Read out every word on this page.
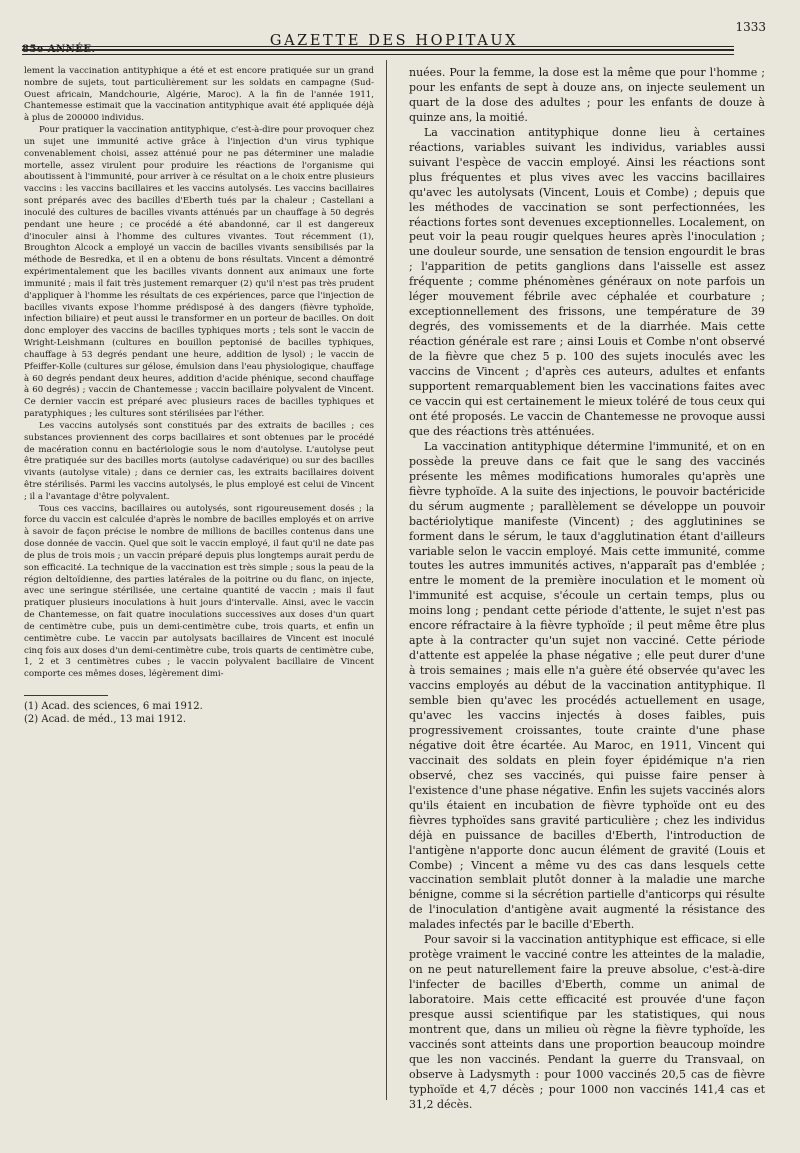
85e ANNÉE.
GAZETTE DES HOPITAUX
1333

lement la vaccination antityphique a été et est encore pratiquée sur un grand nombre de sujets, tout particulièrement sur les soldats en campagne (Sud-Ouest africain, Mandchourie, Algérie, Maroc). A la fin de l'année 1911, Chantemesse estimait que la vaccination antityphique avait été appliquée déjà à plus de 200000 individus.

Pour pratiquer la vaccination antityphique, c'est-à-dire pour provoquer chez un sujet une immunité active grâce à l'injection d'un virus typhique convenablement choisi, assez atténué pour ne pas déterminer une maladie mortelle, assez virulent pour produire les réactions de l'organisme qui aboutissent à l'immunité, pour arriver à ce résultat on a le choix entre plusieurs vaccins : les vaccins bacillaires et les vaccins autolysés. Les vaccins bacillaires sont préparés avec des bacilles d'Eberth tués par la chaleur ; Castellani a inoculé des cultures de bacilles vivants atténués par un chauffage à 50 degrés pendant une heure ; ce procédé a été abandonné, car il est dangereux d'inoculer ainsi à l'homme des cultures vivantes. Tout récemment (1), Broughton Alcock a employé un vaccin de bacilles vivants sensibilisés par la méthode de Besredka, et il en a obtenu de bons résultats. Vincent a démontré expérimentalement que les bacilles vivants donnent aux animaux une forte immunité ; mais il fait très justement remarquer (2) qu'il n'est pas très prudent d'appliquer à l'homme les résultats de ces expériences, parce que l'injection de bacilles vivants expose l'homme prédisposé à des dangers (fièvre typhoïde, infection biliaire) et peut aussi le transformer en un porteur de bacilles. On doit donc employer des vaccins de bacilles typhiques morts ; tels sont le vaccin de Wright-Leishmann (cultures en bouillon peptonisé de bacilles typhiques, chauffage à 53 degrés pendant une heure, addition de lysol) ; le vaccin de Pfeiffer-Kolle (cultures sur gélose, émulsion dans l'eau physiologique, chauffage à 60 degrés pendant deux heures, addition d'acide phénique, second chauffage à 60 degrés) ; vaccin de Chantemesse ; vaccin bacillaire polyvalent de Vincent. Ce dernier vaccin est préparé avec plusieurs races de bacilles typhiques et paratyphiques ; les cultures sont stérilisées par l'éther.

Les vaccins autolysés sont constitués par des extraits de bacilles ; ces substances proviennent des corps bacillaires et sont obtenues par le procédé de macération connu en bactériologie sous le nom d'autolyse. L'autolyse peut être pratiquée sur des bacilles morts (autolyse cadavérique) ou sur des bacilles vivants (autolyse vitale) ; dans ce dernier cas, les extraits bacillaires doivent être stérilisés. Parmi les vaccins autolysés, le plus employé est celui de Vincent ; il a l'avantage d'être polyvalent.

Tous ces vaccins, bacillaires ou autolysés, sont rigoureusement dosés ; la force du vaccin est calculée d'après le nombre de bacilles employés et on arrive à savoir de façon précise le nombre de millions de bacilles contenus dans une dose donnée de vaccin. Quel que soit le vaccin employé, il faut qu'il ne date pas de plus de trois mois ; un vaccin préparé depuis plus longtemps aurait perdu de son efficacité. La technique de la vaccination est très simple ; sous la peau de la région deltoïdienne, des parties latérales de la poitrine ou du flanc, on injecte, avec une seringue stérilisée, une certaine quantité de vaccin ; mais il faut pratiquer plusieurs inoculations à huit jours d'intervalle. Ainsi, avec le vaccin de Chantemesse, on fait quatre inoculations successives aux doses d'un quart de centimètre cube, puis un demi-centimètre cube, trois quarts, et enfin un centimètre cube. Le vaccin par autolysats bacillaires de Vincent est inoculé cinq fois aux doses d'un demi-centimètre cube, trois quarts de centimètre cube, 1, 2 et 3 centimètres cubes ; le vaccin polyvalent bacillaire de Vincent comporte ces mêmes doses, légèrement dimi-

(1) Acad. des sciences, 6 mai 1912.
(2) Acad. de méd., 13 mai 1912.

nuées. Pour la femme, la dose est la même que pour l'homme ; pour les enfants de sept à douze ans, on injecte seulement un quart de la dose des adultes ; pour les enfants de douze à quinze ans, la moitié.

La vaccination antityphique donne lieu à certaines réactions, variables suivant les individus, variables aussi suivant l'espèce de vaccin employé. Ainsi les réactions sont plus fréquentes et plus vives avec les vaccins bacillaires qu'avec les autolysats (Vincent, Louis et Combe) ; depuis que les méthodes de vaccination se sont perfectionnées, les réactions fortes sont devenues exceptionnelles. Localement, on peut voir la peau rougir quelques heures après l'inoculation ; une douleur sourde, une sensation de tension engourdit le bras ; l'apparition de petits ganglions dans l'aisselle est assez fréquente ; comme phénomènes généraux on note parfois un léger mouvement fébrile avec céphalée et courbature ; exceptionnellement des frissons, une température de 39 degrés, des vomissements et de la diarrhée. Mais cette réaction générale est rare ; ainsi Louis et Combe n'ont observé de la fièvre que chez 5 p. 100 des sujets inoculés avec les vaccins de Vincent ; d'après ces auteurs, adultes et enfants supportent remarquablement bien les vaccinations faites avec ce vaccin qui est certainement le mieux toléré de tous ceux qui ont été proposés. Le vaccin de Chantemesse ne provoque aussi que des réactions très atténuées.

La vaccination antityphique détermine l'immunité, et on en possède la preuve dans ce fait que le sang des vaccinés présente les mêmes modifications humorales qu'après une fièvre typhoïde. A la suite des injections, le pouvoir bactéricide du sérum augmente ; parallèlement se développe un pouvoir bactériolytique manifeste (Vincent) ; des agglutinines se forment dans le sérum, le taux d'agglutination étant d'ailleurs variable selon le vaccin employé. Mais cette immunité, comme toutes les autres immunités actives, n'apparaît pas d'emblée ; entre le moment de la première inoculation et le moment où l'immunité est acquise, s'écoule un certain temps, plus ou moins long ; pendant cette période d'attente, le sujet n'est pas encore réfractaire à la fièvre typhoïde ; il peut même être plus apte à la contracter qu'un sujet non vacciné. Cette période d'attente est appelée la phase négative ; elle peut durer d'une à trois semaines ; mais elle n'a guère été observée qu'avec les vaccins employés au début de la vaccination antityphique. Il semble bien qu'avec les procédés actuellement en usage, qu'avec les vaccins injectés à doses faibles, puis progressivement croissantes, toute crainte d'une phase négative doit être écartée. Au Maroc, en 1911, Vincent qui vaccinait des soldats en plein foyer épidémique n'a rien observé, chez ses vaccinés, qui puisse faire penser à l'existence d'une phase négative. Enfin les sujets vaccinés alors qu'ils étaient en incubation de fièvre typhoïde ont eu des fièvres typhoïdes sans gravité particulière ; chez les individus déjà en puissance de bacilles d'Eberth, l'introduction de l'antigène n'apporte donc aucun élément de gravité (Louis et Combe) ; Vincent a même vu des cas dans lesquels cette vaccination semblait plutôt donner à la maladie une marche bénigne, comme si la sécrétion partielle d'anticorps qui résulte de l'inoculation d'antigène avait augmenté la résistance des malades infectés par le bacille d'Eberth.

Pour savoir si la vaccination antityphique est efficace, si elle protège vraiment le vacciné contre les atteintes de la maladie, on ne peut naturellement faire la preuve absolue, c'est-à-dire l'infecter de bacilles d'Eberth, comme un animal de laboratoire. Mais cette efficacité est prouvée d'une façon presque aussi scientifique par les statistiques, qui nous montrent que, dans un milieu où règne la fièvre typhoïde, les vaccinés sont atteints dans une proportion beaucoup moindre que les non vaccinés. Pendant la guerre du Transvaal, on observe à Ladysmyth : pour 1000 vaccinés 20,5 cas de fièvre typhoïde et 4,7 décès ; pour 1000 non vaccinés 141,4 cas et 31,2 décès.
